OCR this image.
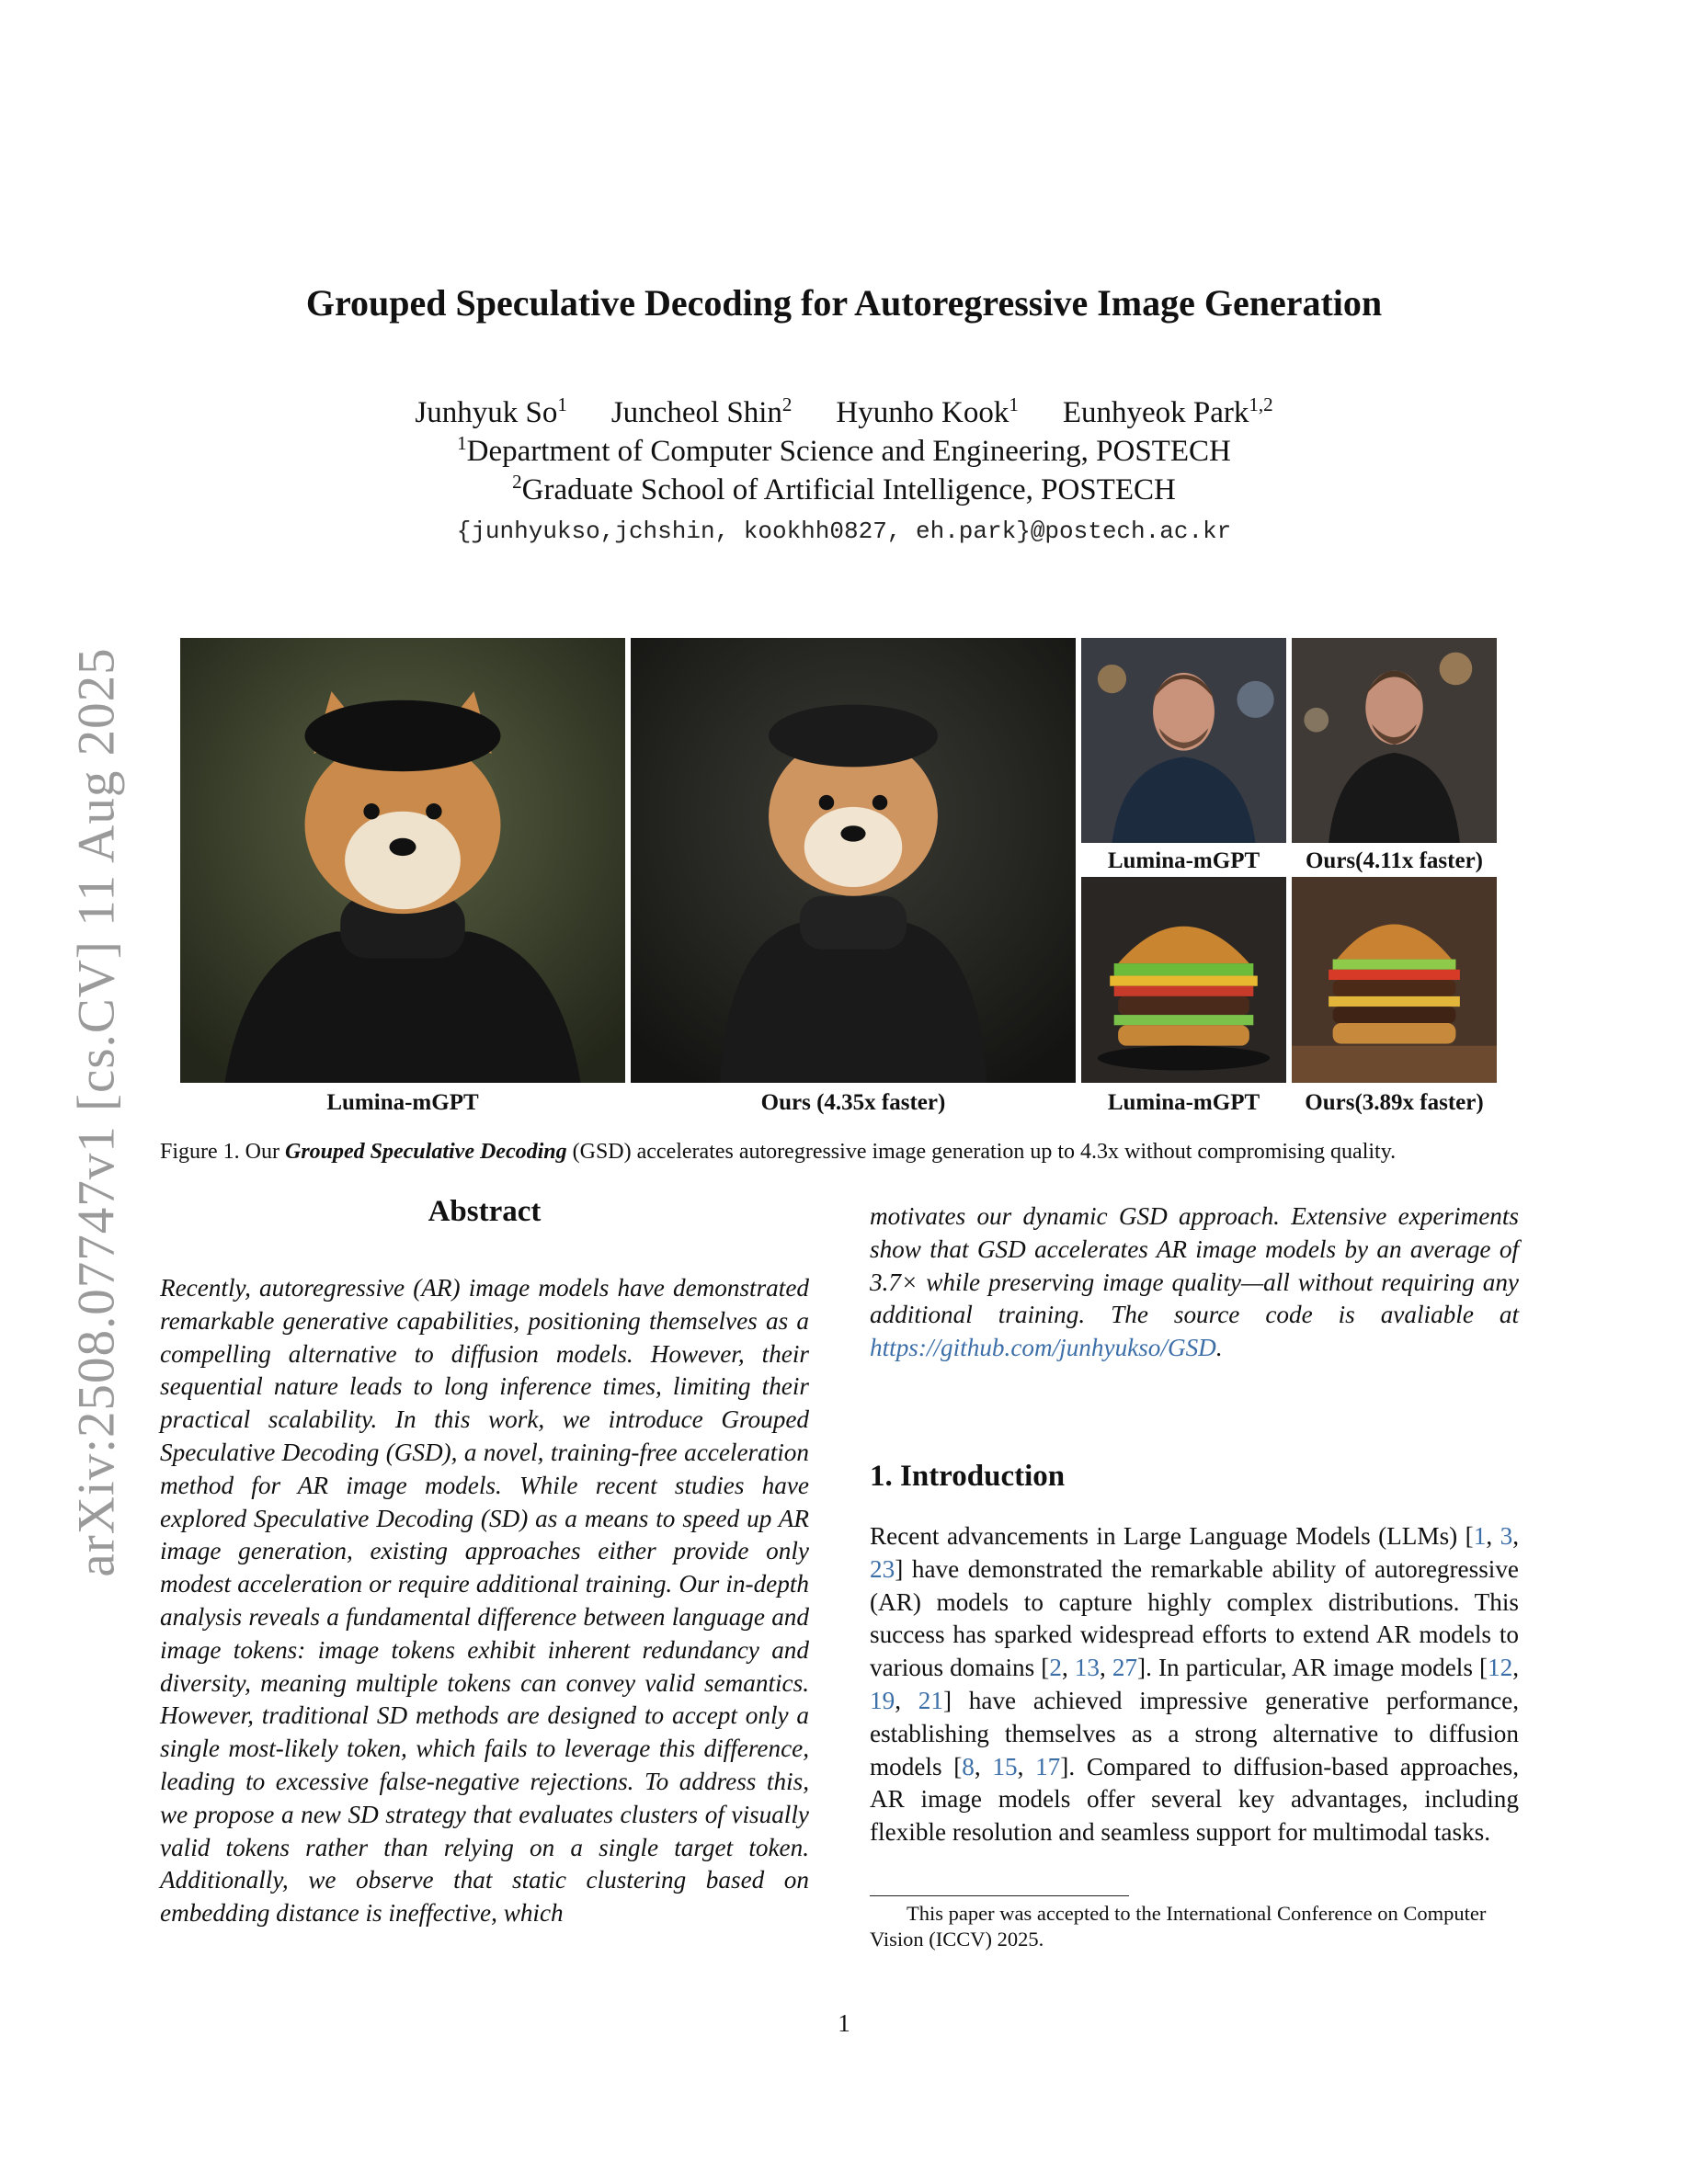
arXiv:2508.07747v1 [cs.CV] 11 Aug 2025
Grouped Speculative Decoding for Autoregressive Image Generation
Junhyuk So$^1$ Juncheol Shin$^2$ Hyunho Kook$^1$ Eunhyeok Park$^{1,2}$
$^1$Department of Computer Science and Engineering, POSTECH
$^2$Graduate School of Artificial Intelligence, POSTECH
{junhyukso,jchshin, kookhh0827, eh.park}@postech.ac.kr
Lumina-mGPT	Ours(4.11x faster)
Lumina-mGPT	Ours (4.35x faster)	Lumina-mGPT	Ours(3.89x faster)
Figure 1. Our Grouped Speculative Decoding (GSD) accelerates autoregressive image generation up to 4.3x without compromising quality.
Abstract
Recently, autoregressive (AR) image models have demonstrated remarkable generative capabilities, positioning themselves as a compelling alternative to diffusion models. However, their sequential nature leads to long inference times, limiting their practical scalability. In this work, we introduce Grouped Speculative Decoding (GSD), a novel, training-free acceleration method for AR image models. While recent studies have explored Speculative Decoding (SD) as a means to speed up AR image generation, existing approaches either provide only modest acceleration or require additional training. Our in-depth analysis reveals a fundamental difference between language and image tokens: image tokens exhibit inherent redundancy and diversity, meaning multiple tokens can convey valid semantics. However, traditional SD methods are designed to accept only a single most-likely token, which fails to leverage this difference, leading to excessive false-negative rejections. To address this, we propose a new SD strategy that evaluates clusters of visually valid tokens rather than relying on a single target token. Additionally, we observe that static clustering based on embedding distance is ineffective, which
motivates our dynamic GSD approach. Extensive experiments show that GSD accelerates AR image models by an average of 3.7× while preserving image quality—all without requiring any additional training. The source code is avaliable at https://github.com/junhyukso/GSD.
1. Introduction
Recent advancements in Large Language Models (LLMs) [1, 3, 23] have demonstrated the remarkable ability of autoregressive (AR) models to capture highly complex distributions. This success has sparked widespread efforts to extend AR models to various domains [2, 13, 27]. In particular, AR image models [12, 19, 21] have achieved impressive generative performance, establishing themselves as a strong alternative to diffusion models [8, 15, 17]. Compared to diffusion-based approaches, AR image models offer several key advantages, including flexible resolution and seamless support for multimodal tasks.
This paper was accepted to the International Conference on Computer Vision (ICCV) 2025.
1
